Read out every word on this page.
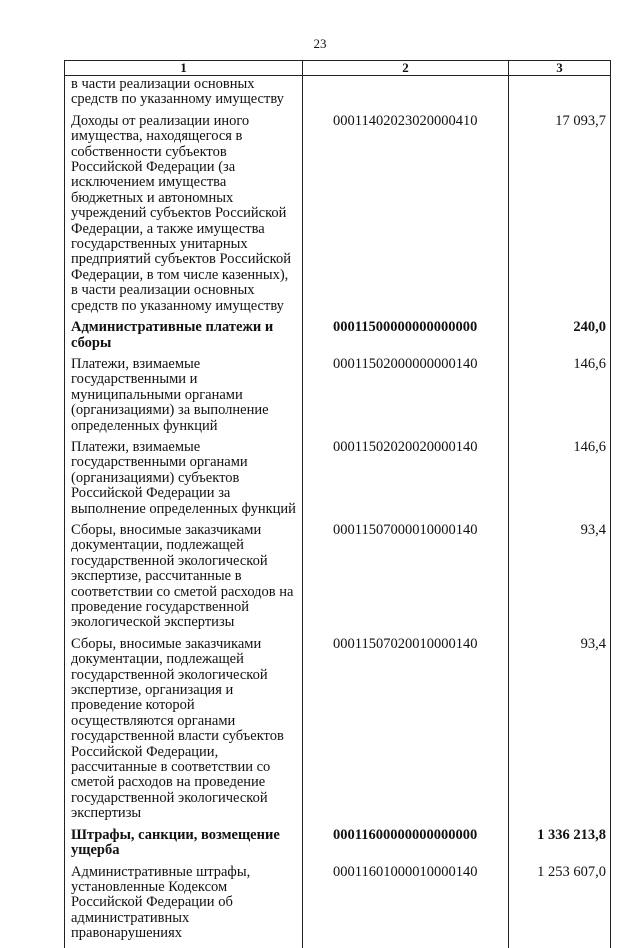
23
1	2	3
в части реализации основных средств по указанному имуществу		
Доходы от реализации иного имущества, находящегося в собственности субъектов Российской Федерации (за исключением имущества бюджетных и автономных учреждений субъектов Российской Федерации, а также имущества государственных унитарных предприятий субъектов Российской Федерации, в том числе казенных), в части реализации основных средств по указанному имуществу	00011402023020000410	17 093,7
Административные платежи и сборы	00011500000000000000	240,0
Платежи, взимаемые государственными и муниципальными органами (организациями) за выполнение определенных функций	00011502000000000140	146,6
Платежи, взимаемые государственными органами (организациями) субъектов Российской Федерации за выполнение определенных функций	00011502020020000140	146,6
Сборы, вносимые заказчиками документации, подлежащей государственной экологической экспертизе, рассчитанные в соответствии со сметой расходов на проведение государственной экологической экспертизы	00011507000010000140	93,4
Сборы, вносимые заказчиками документации, подлежащей государственной экологической экспертизе, организация и проведение которой осуществляются органами государственной власти субъектов Российской Федерации, рассчитанные в соответствии со сметой расходов на проведение государственной экологической экспертизы	00011507020010000140	93,4
Штрафы, санкции, возмещение ущерба	00011600000000000000	1 336 213,8
Административные штрафы, установленные Кодексом Российской Федерации об административных правонарушениях	00011601000010000140	1 253 607,0
